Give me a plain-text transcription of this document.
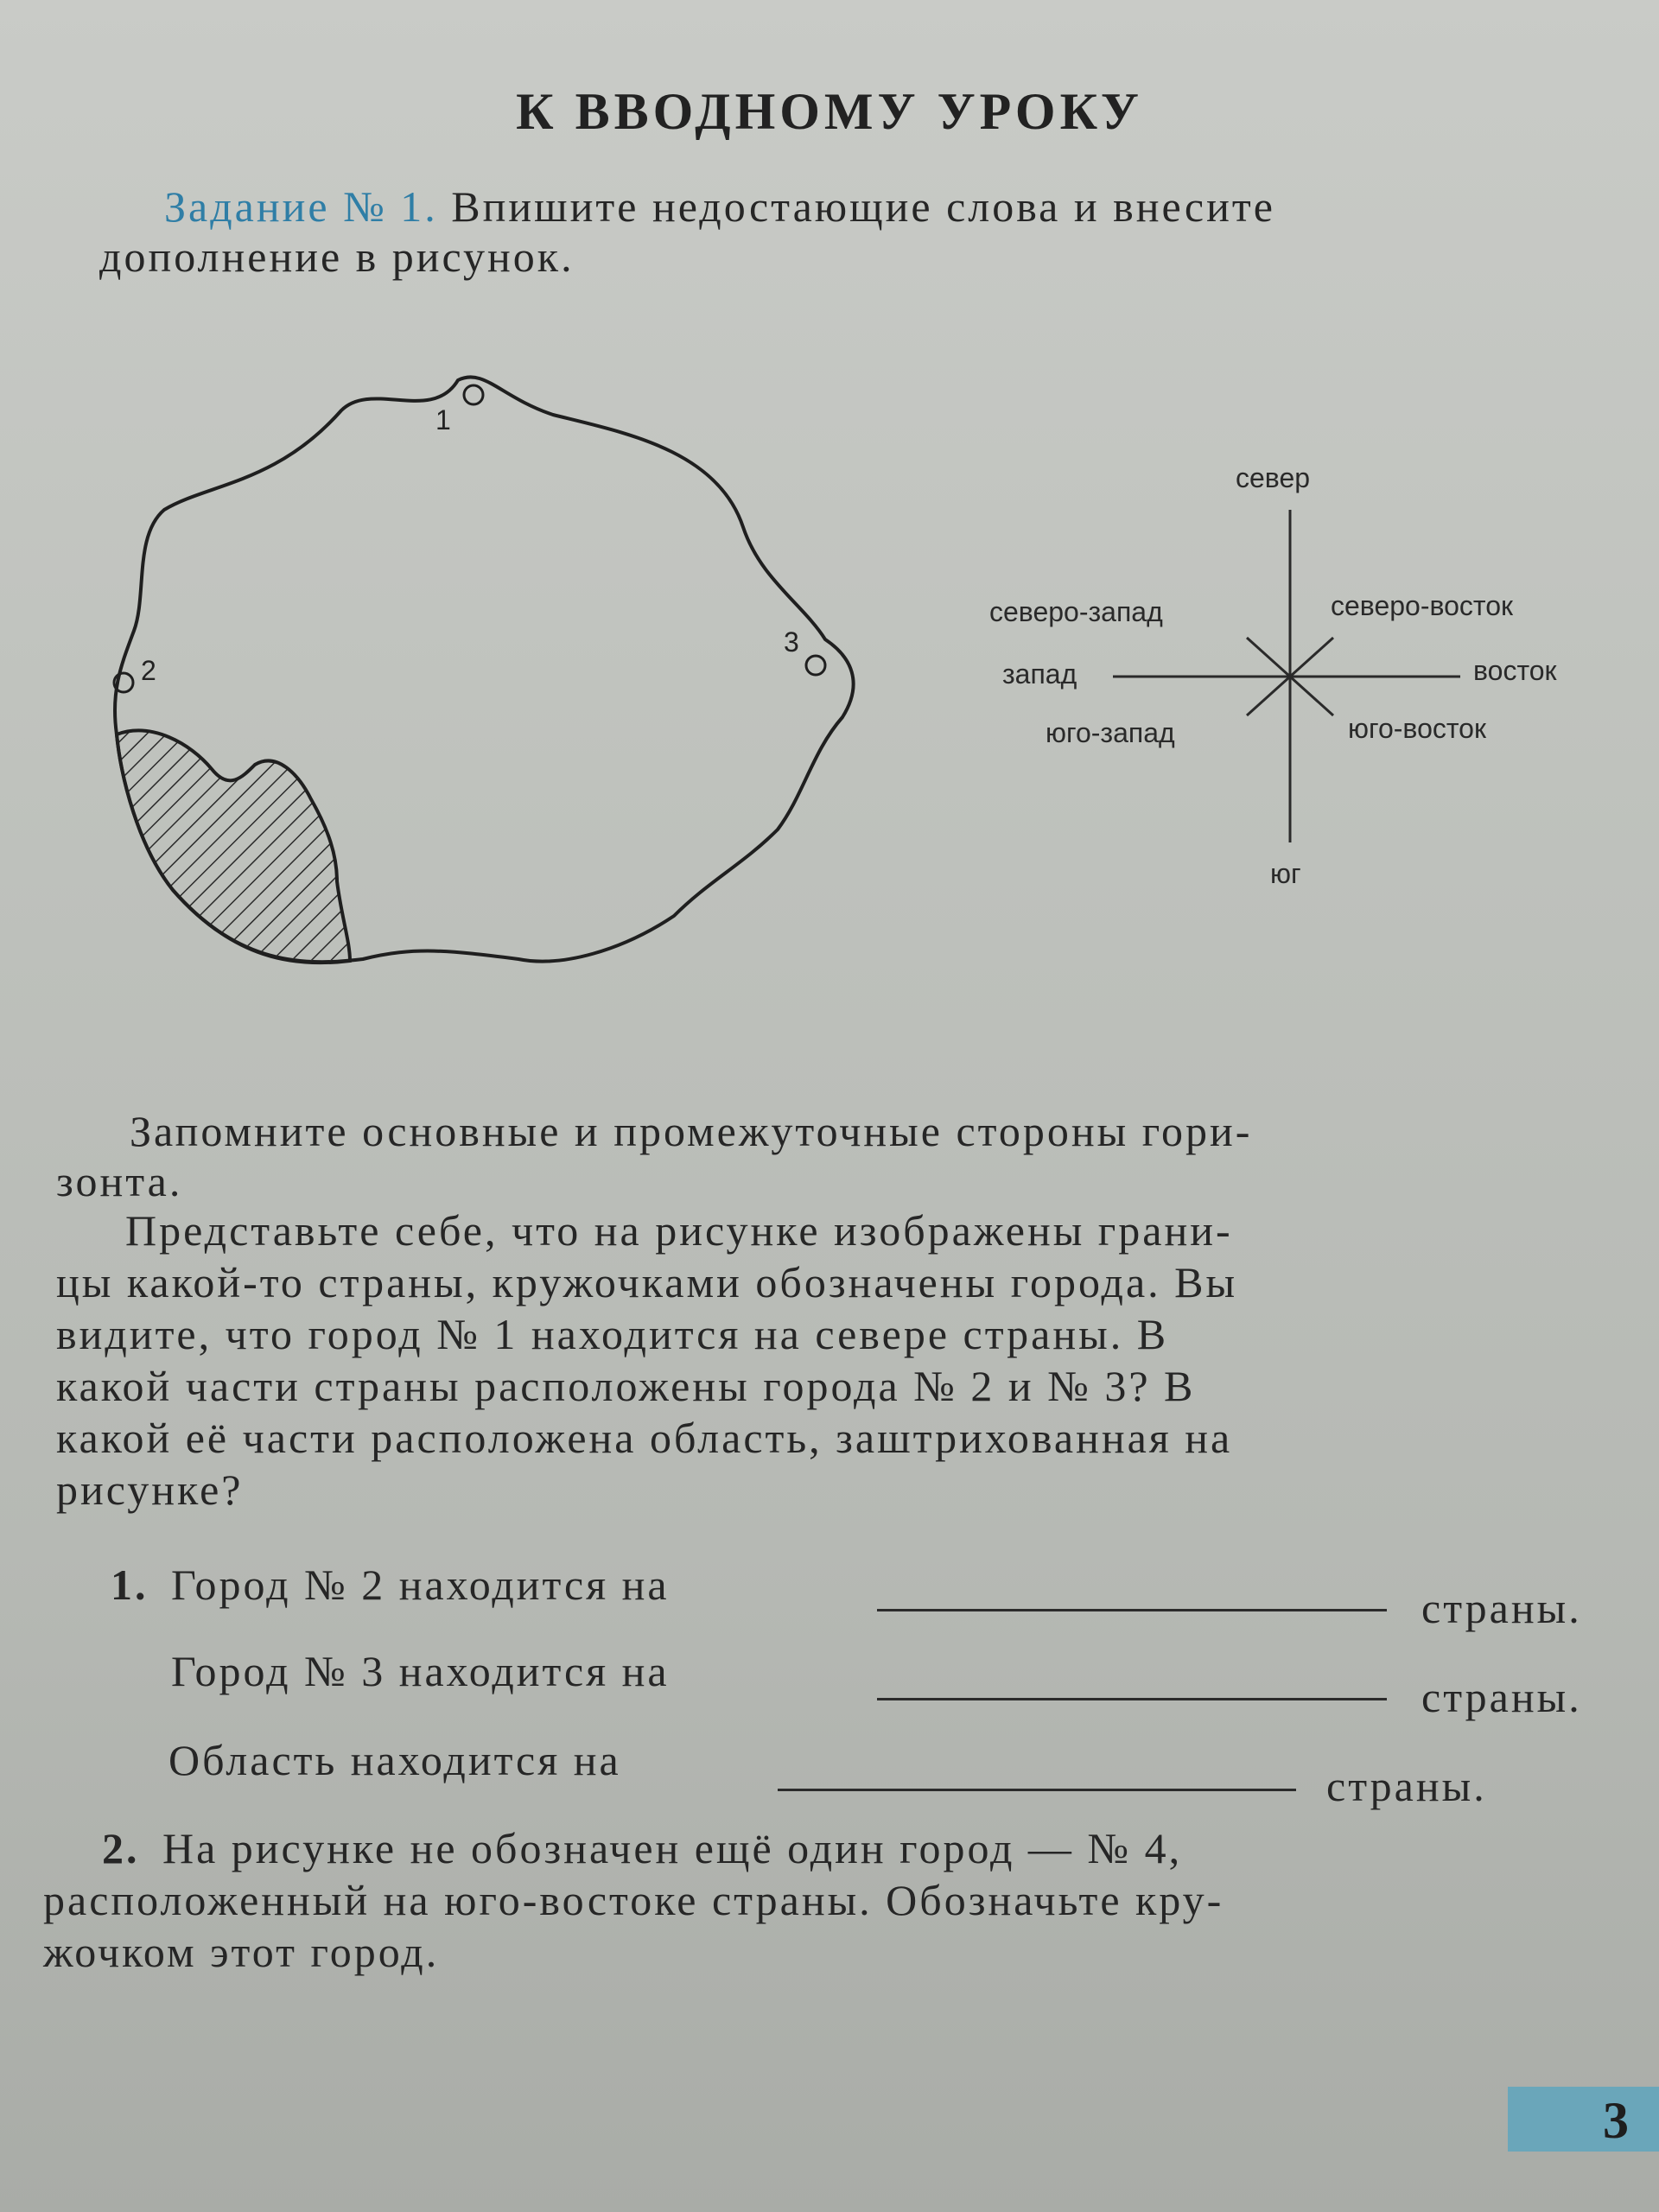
К ВВОДНОМУ УРОКУ
Задание № 1. Впишите недостающие слова и внесите
дополнение в рисунок.
1
2
3
север
юг
запад	восток
северо-запад	северо-восток
юго-запад	юго-восток
Запомните основные и промежуточные стороны гори-
зонта.
Представьте себе, что на рисунке изображены грани-
цы какой-то страны, кружочками обозначены города. Вы
видите, что город № 1 находится на севере страны. В
какой части страны расположены города № 2 и № 3? В
какой её части расположена область, заштрихованная на
рисунке?
1. Город № 2 находится на	страны.
Город № 3 находится на
страны.
Область находится на
страны.
2. На рисунке не обозначен ещё один город — № 4,
расположенный на юго-востоке страны. Обозначьте кру-
жочком этот город.
3
